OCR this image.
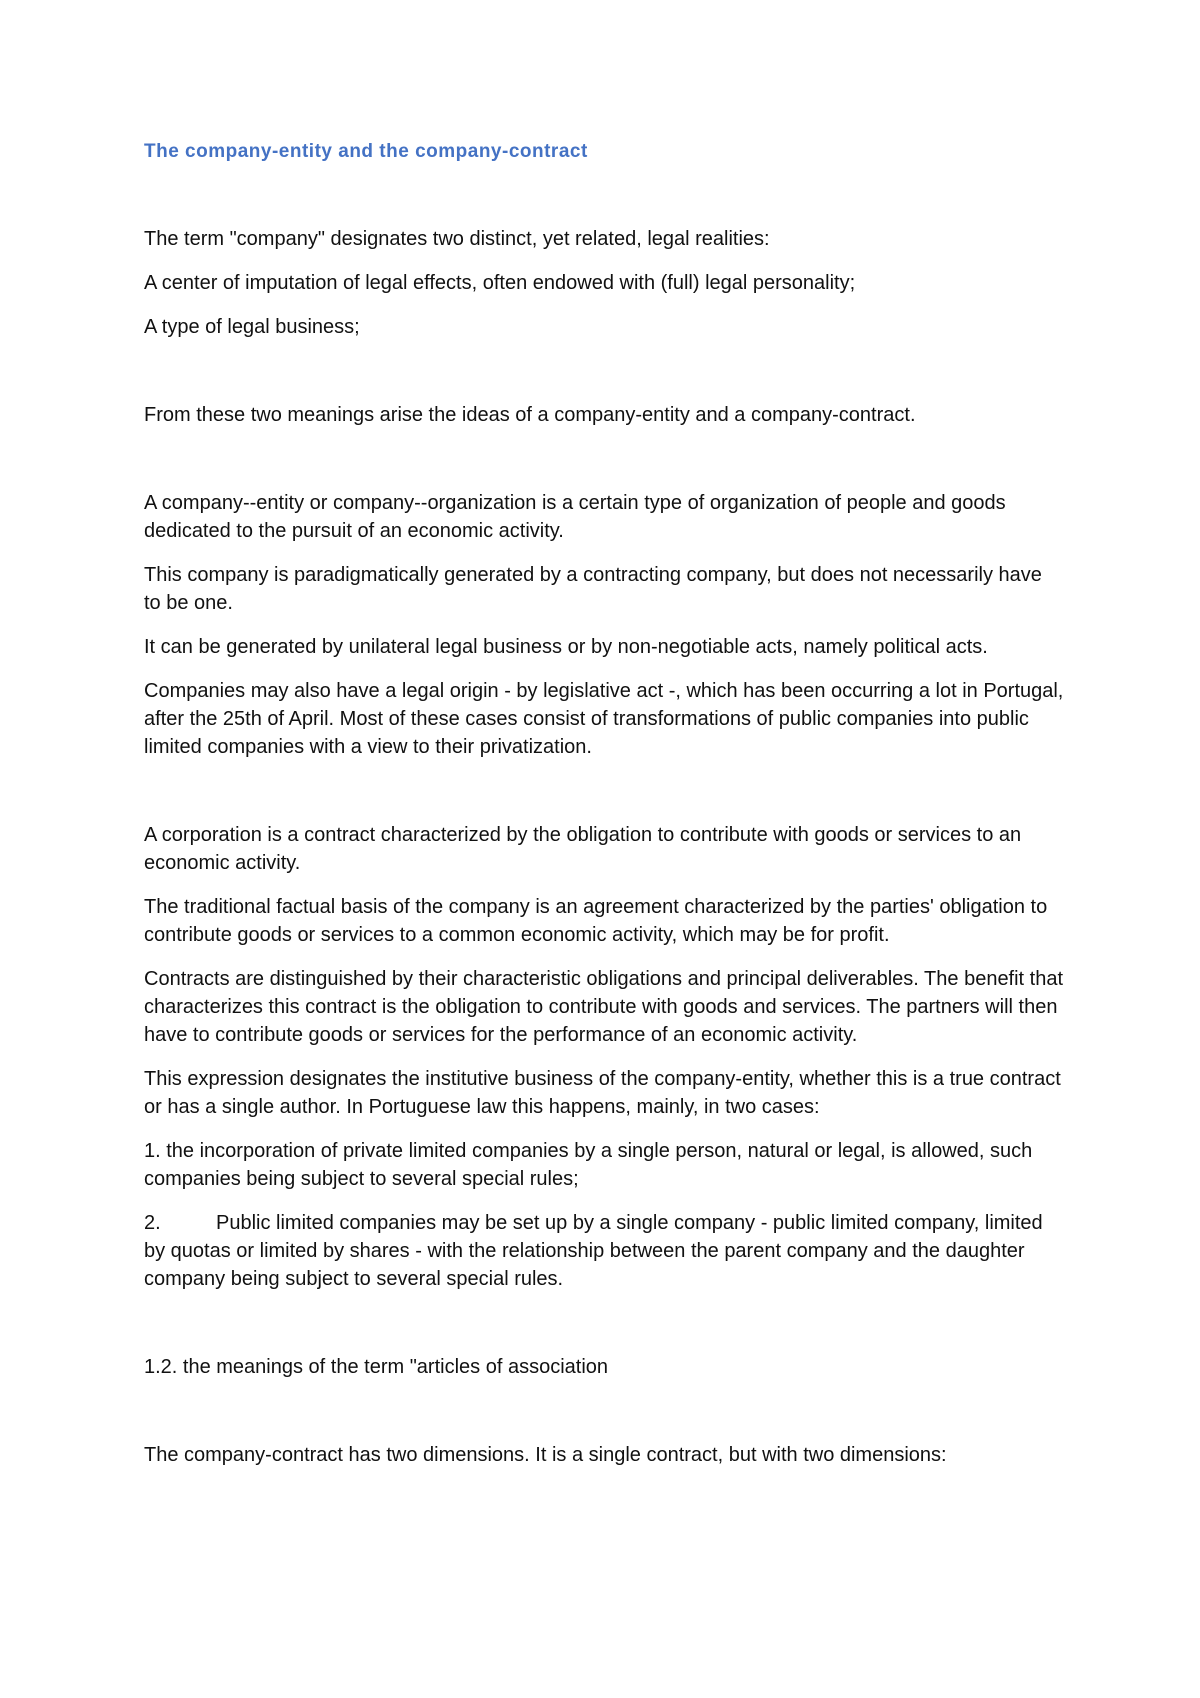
The company-entity and the company-contract

The term "company" designates two distinct, yet related, legal realities:

A center of imputation of legal effects, often endowed with (full) legal personality;

A type of legal business;

From these two meanings arise the ideas of a company-entity and a company-contract.

A company--entity or company--organization is a certain type of organization of people and goods dedicated to the pursuit of an economic activity.

This company is paradigmatically generated by a contracting company, but does not necessarily have to be one.

It can be generated by unilateral legal business or by non-negotiable acts, namely political acts.

Companies may also have a legal origin - by legislative act -, which has been occurring a lot in Portugal, after the 25th of April. Most of these cases consist of transformations of public companies into public limited companies with a view to their privatization.

A corporation is a contract characterized by the obligation to contribute with goods or services to an economic activity.

The traditional factual basis of the company is an agreement characterized by the parties' obligation to contribute goods or services to a common economic activity, which may be for profit.

Contracts are distinguished by their characteristic obligations and principal deliverables. The benefit that characterizes this contract is the obligation to contribute with goods and services. The partners will then have to contribute goods or services for the performance of an economic activity.

This expression designates the institutive business of the company-entity, whether this is a true contract or has a single author. In Portuguese law this happens, mainly, in two cases:

1. the incorporation of private limited companies by a single person, natural or legal, is allowed, such companies being subject to several special rules;

2.	Public limited companies may be set up by a single company - public limited company, limited by quotas or limited by shares - with the relationship between the parent company and the daughter company being subject to several special rules.

1.2. the meanings of the term "articles of association

The company-contract has two dimensions. It is a single contract, but with two dimensions:
